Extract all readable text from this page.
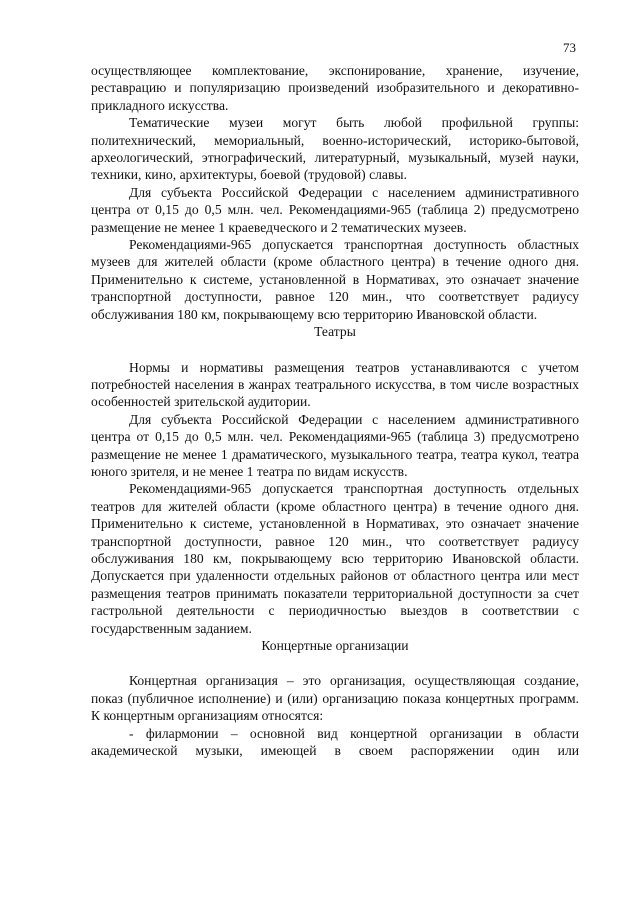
73

осуществляющее комплектование, экспонирование, хранение, изучение, реставрацию и популяризацию произведений изобразительного и декоративно-прикладного искусства.

Тематические музеи могут быть любой профильной группы: политехнический, мемориальный, военно-исторический, историко-бытовой, археологический, этнографический, литературный, музыкальный, музей науки, техники, кино, архитектуры, боевой (трудовой) славы.

Для субъекта Российской Федерации с населением административного центра от 0,15 до 0,5 млн. чел. Рекомендациями-965 (таблица 2) предусмотрено размещение не менее 1 краеведческого и 2 тематических музеев.

Рекомендациями-965 допускается транспортная доступность областных музеев для жителей области (кроме областного центра) в течение одного дня. Применительно к системе, установленной в Нормативах, это означает значение транспортной доступности, равное 120 мин., что соответствует радиусу обслуживания 180 км, покрывающему всю территорию Ивановской области.

Театры

Нормы и нормативы размещения театров устанавливаются с учетом потребностей населения в жанрах театрального искусства, в том числе возрастных особенностей зрительской аудитории.

Для субъекта Российской Федерации с населением административного центра от 0,15 до 0,5 млн. чел. Рекомендациями-965 (таблица 3) предусмотрено размещение не менее 1 драматического, музыкального театра, театра кукол, театра юного зрителя, и не менее 1 театра по видам искусств.

Рекомендациями-965 допускается транспортная доступность отдельных театров для жителей области (кроме областного центра) в течение одного дня. Применительно к системе, установленной в Нормативах, это означает значение транспортной доступности, равное 120 мин., что соответствует радиусу обслуживания 180 км, покрывающему всю территорию Ивановской области. Допускается при удаленности отдельных районов от областного центра или мест размещения театров принимать показатели территориальной доступности за счет гастрольной деятельности с периодичностью выездов в соответствии с государственным заданием.

Концертные организации

Концертная организация – это организация, осуществляющая создание, показ (публичное исполнение) и (или) организацию показа концертных программ. К концертным организациям относятся:

- филармонии – основной вид концертной организации в области академической музыки, имеющей в своем распоряжении один или
